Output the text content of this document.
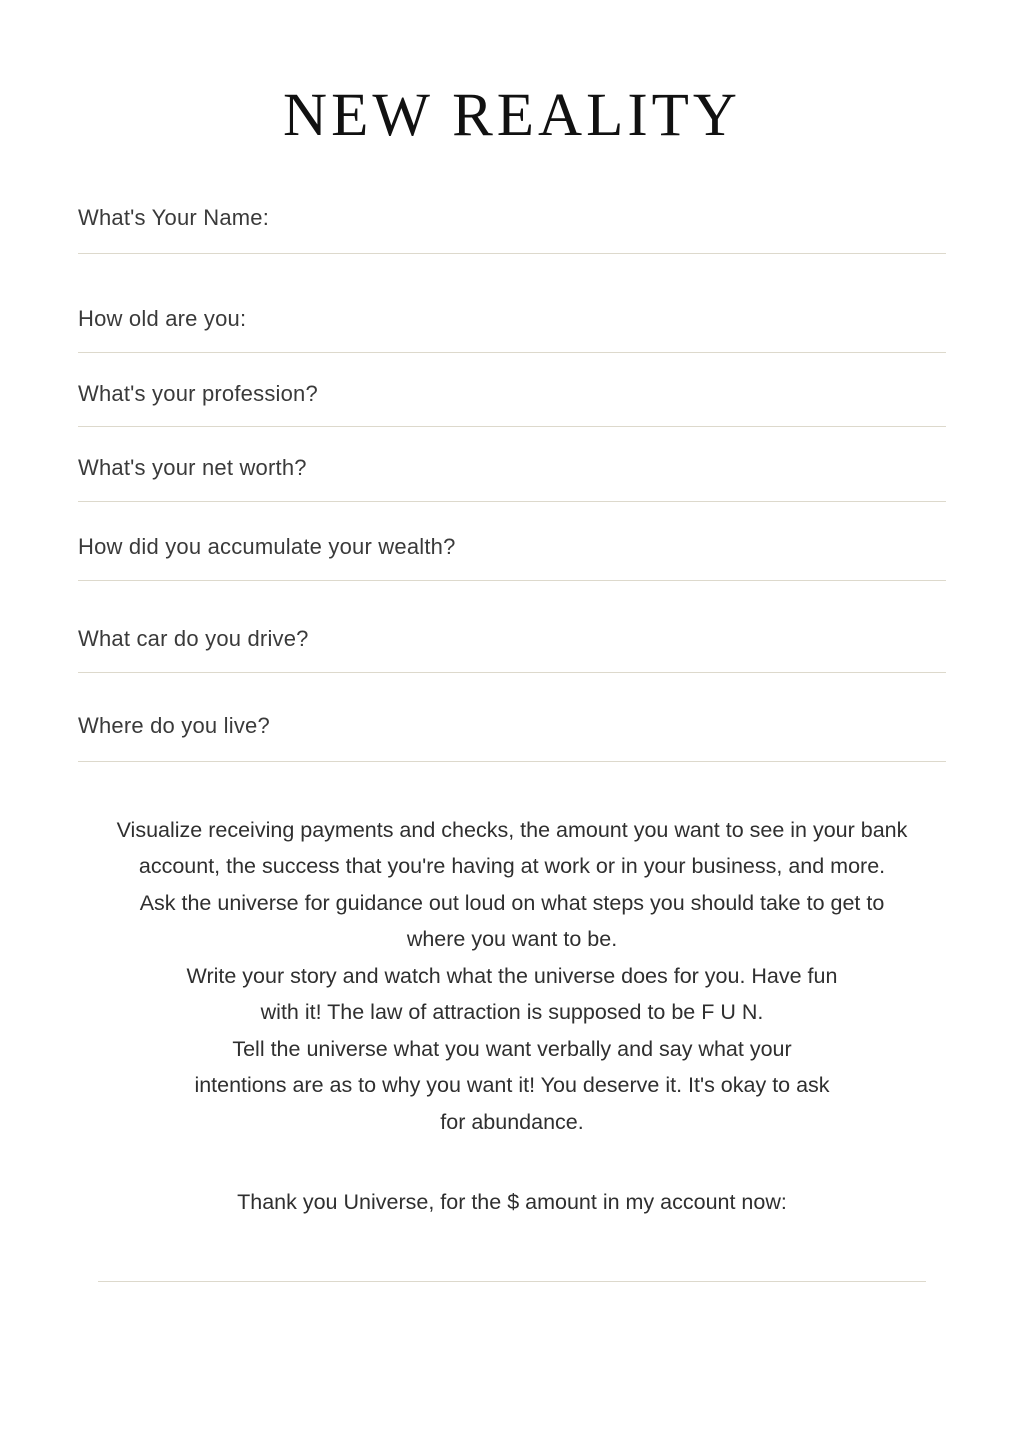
NEW REALITY
What's Your Name:
How old are you:
What's your profession?
What's your net worth?
How did you accumulate your wealth?
What car do you drive?
Where do you live?

Visualize receiving payments and checks, the amount you want to see in your bank

account, the success that you're having at work or in your business, and more.

Ask the universe for guidance out loud on what steps you should take to get to

where you want to be.

Write your story and watch what the universe does for you. Have fun

with it! The law of attraction is supposed to be F U N.

Tell the universe what you want verbally and say what your

intentions are as to why you want it! You deserve it. It's okay to ask

for abundance.

Thank you Universe, for the $ amount in my account now:
